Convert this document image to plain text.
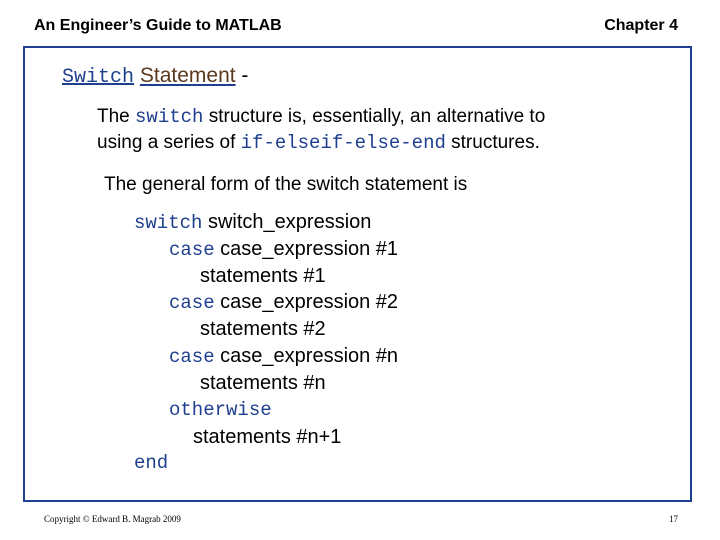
An Engineer’s Guide to MATLAB	Chapter 4
Switch Statement -
The switch structure is, essentially, an alternative to
using a series of if-elseif-else-end structures.
The general form of the switch statement is
switch switch_expression
case case_expression #1
statements #1
case case_expression #2
statements #2
case case_expression #n
statements #n
otherwise
statements #n+1
end
Copyright © Edward B. Magrab 2009	17
